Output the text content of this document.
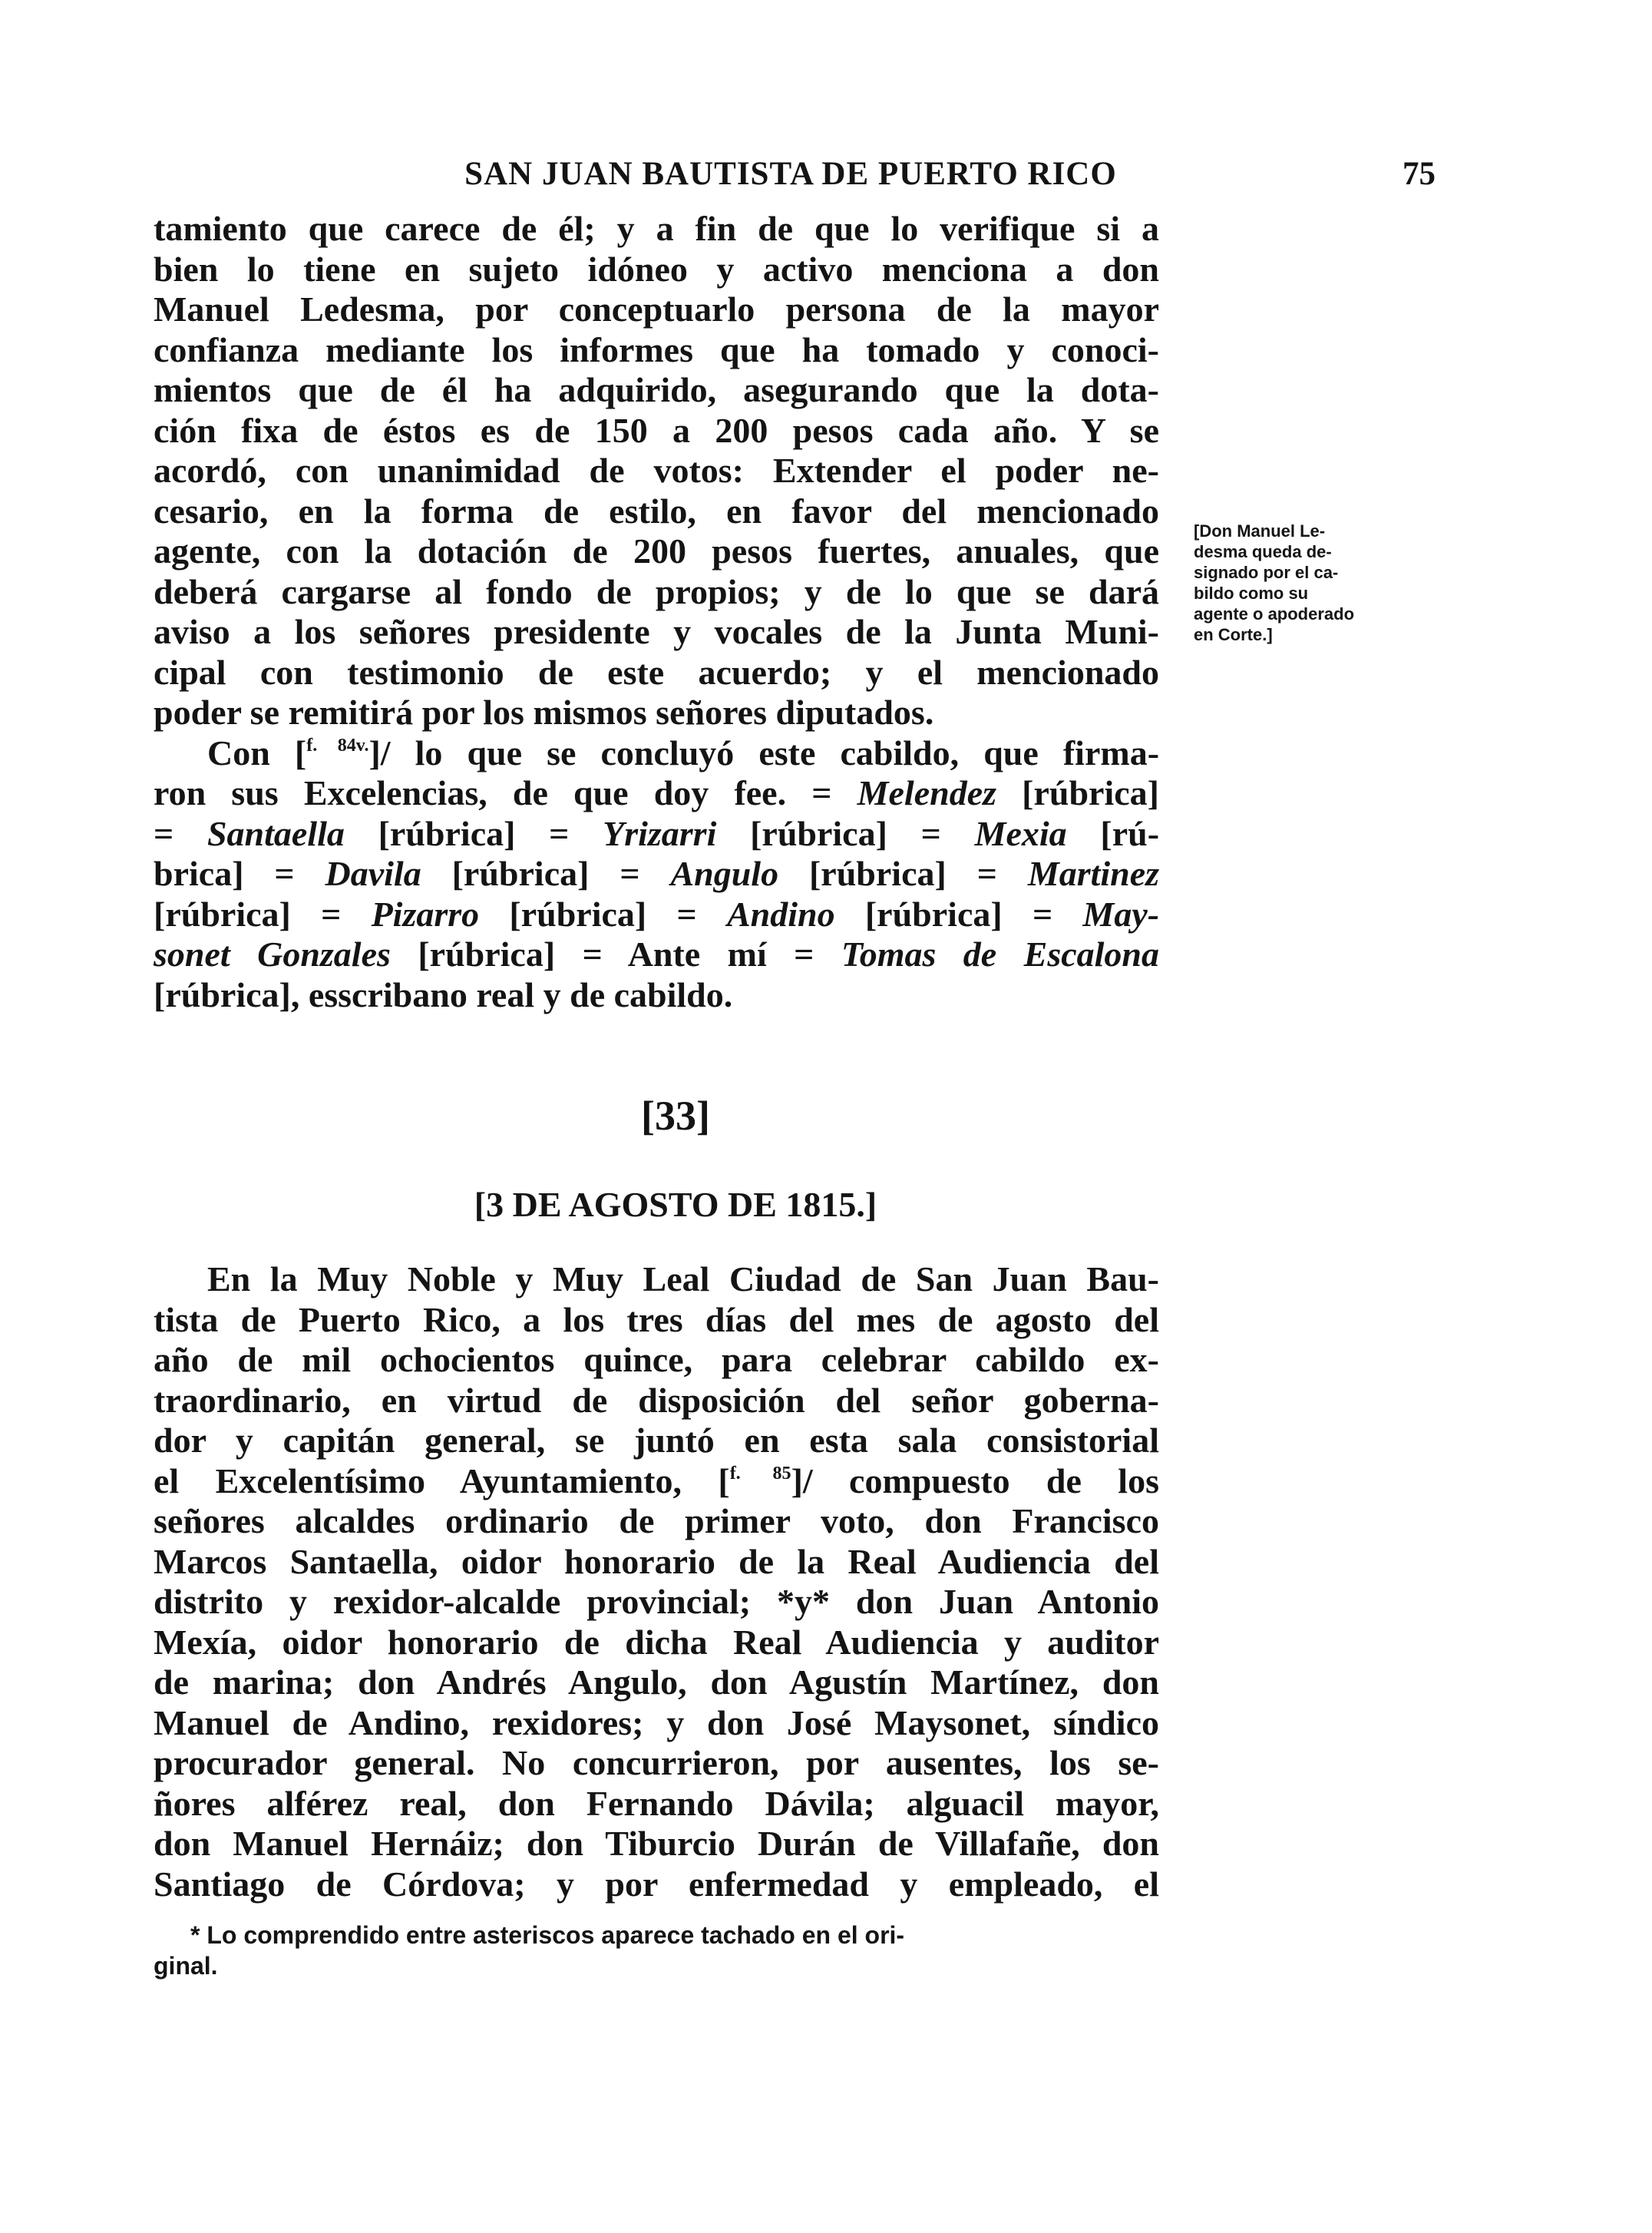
SAN JUAN BAUTISTA DE PUERTO RICO	75

tamiento que carece de él; y a fin de que lo verifique si a
bien lo tiene en sujeto idóneo y activo menciona a don
Manuel Ledesma, por conceptuarlo persona de la mayor
confianza mediante los informes que ha tomado y conoci-
mientos que de él ha adquirido, asegurando que la dota-
ción fixa de éstos es de 150 a 200 pesos cada año. Y se
acordó, con unanimidad de votos: Extender el poder ne-
cesario, en la forma de estilo, en favor del mencionado
agente, con la dotación de 200 pesos fuertes, anuales, que
deberá cargarse al fondo de propios; y de lo que se dará
aviso a los señores presidente y vocales de la Junta Muni-
cipal con testimonio de este acuerdo; y el mencionado
poder se remitirá por los mismos señores diputados.

Con [$^{f. 84v.}$]/ lo que se concluyó este cabildo, que firma-
ron sus Excelencias, de que doy fee. = Melendez [rúbrica]
= Santaella [rúbrica] = Yrizarri [rúbrica] = Mexia [rú-
brica] = Davila [rúbrica] = Angulo [rúbrica] = Martinez
[rúbrica] = Pizarro [rúbrica] = Andino [rúbrica] = May-
sonet Gonzales [rúbrica] = Ante mí = Tomas de Escalona
[rúbrica], esscribano real y de cabildo.

[Don Manuel Le-
desma queda de-
signado por el ca-
bildo como su
agente o apoderado
en Corte.]
[33]
[3 DE AGOSTO DE 1815.]

En la Muy Noble y Muy Leal Ciudad de San Juan Bau-
tista de Puerto Rico, a los tres días del mes de agosto del
año de mil ochocientos quince, para celebrar cabildo ex-
traordinario, en virtud de disposición del señor goberna-
dor y capitán general, se juntó en esta sala consistorial
el Excelentísimo Ayuntamiento, [$^{f. 85}$]/ compuesto de los
señores alcaldes ordinario de primer voto, don Francisco
Marcos Santaella, oidor honorario de la Real Audiencia del
distrito y rexidor-alcalde provincial; *y* don Juan Antonio
Mexía, oidor honorario de dicha Real Audiencia y auditor
de marina; don Andrés Angulo, don Agustín Martínez, don
Manuel de Andino, rexidores; y don José Maysonet, síndico
procurador general. No concurrieron, por ausentes, los se-
ñores alférez real, don Fernando Dávila; alguacil mayor,
don Manuel Hernáiz; don Tiburcio Durán de Villafañe, don
Santiago de Córdova; y por enfermedad y empleado, el

* Lo comprendido entre asteriscos aparece tachado en el ori-
ginal.
